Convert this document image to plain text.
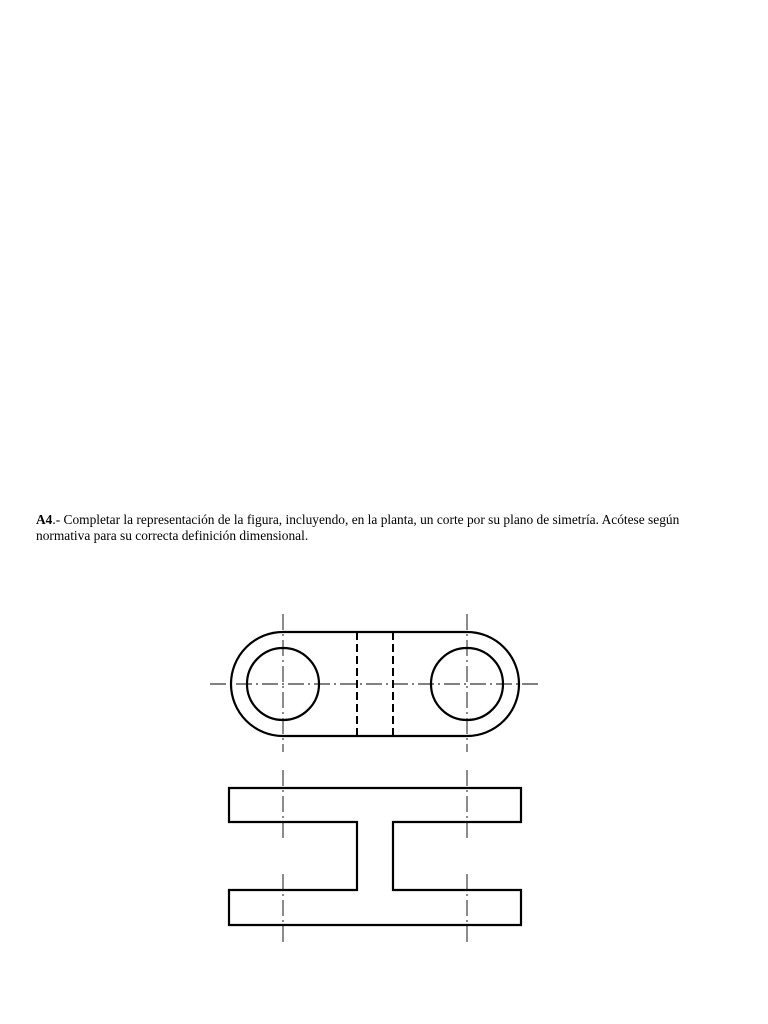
A4.- Completar la representación de la figura, incluyendo, en la planta, un corte por su plano de simetría. Acótese según normativa para su correcta definición dimensional.
